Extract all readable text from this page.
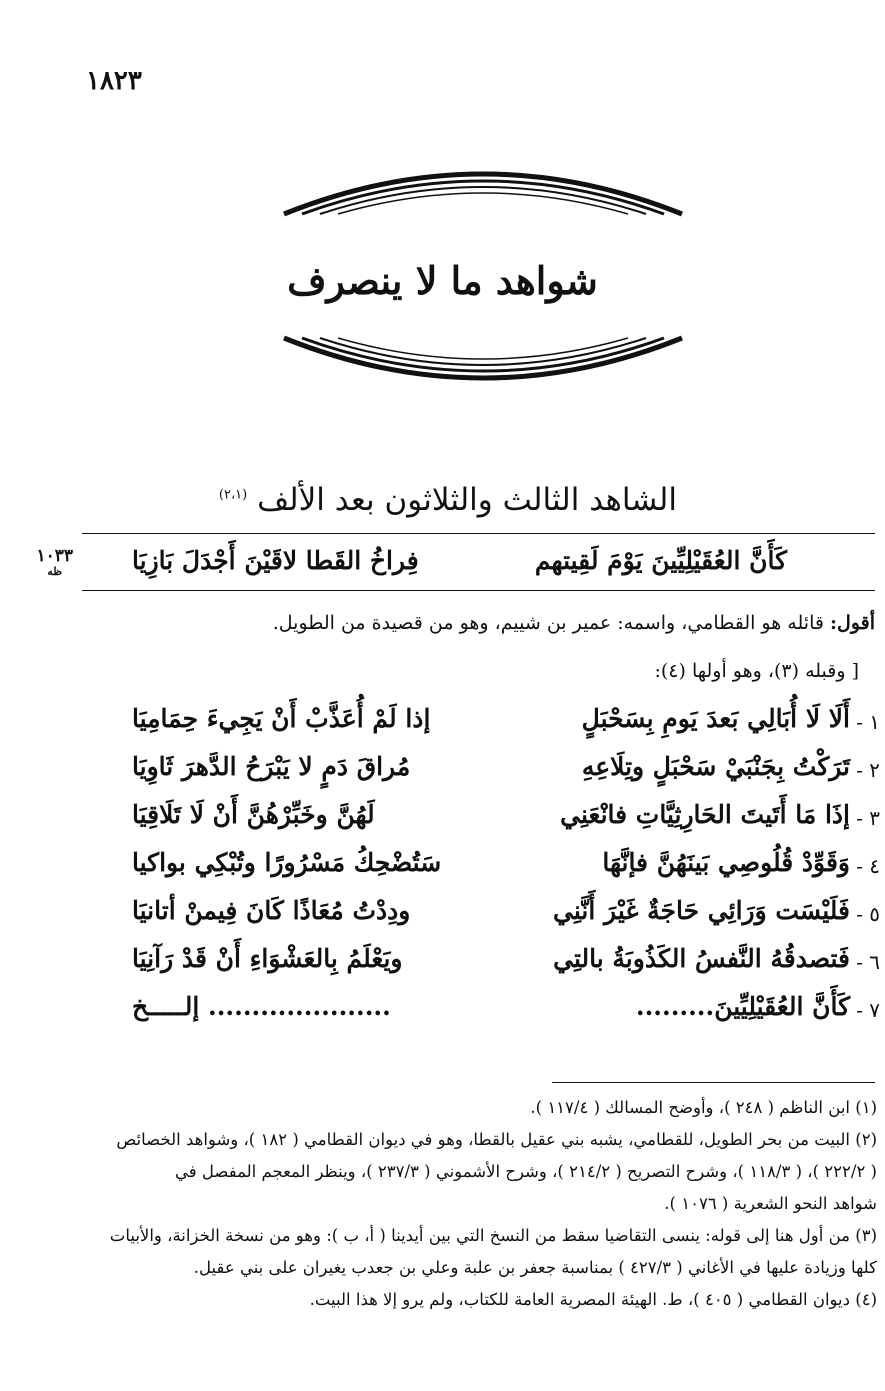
١٨٢٣
شواهد ما لا ينصرف
الشاهد الثالث والثلاثون بعد الألف $^{(٢،١)}$
١٠٣٣
ظه	كَأَنَّ العُقَيْلِيِّينَ يَوْمَ لَقِيتهم
فِراخُ القَطا لاقَيْنَ أَجْدَلَ بَازِيَا
أقول: قائله هو القطامي، واسمه: عمير بن شييم، وهو من قصيدة من الطويل.
[ وقبله (٣)، وهو أولها (٤):
١ -
أَلَا لَا أُبَالِي بَعدَ يَومِ بِسَحْبَلٍ
إذا لَمْ أُعَذَّبْ أَنْ يَجِيءَ حِمَامِيَا
٢ -
تَرَكْتُ بِجَنْبَيْ سَحْبَلٍ وتِلَاعِهِ
مُراقَ دَمٍ لا يَبْرَحُ الدَّهرَ ثَاوِيَا
٣ -
إذَا مَا أَتَيتَ الحَارِثِيَّاتِ فانْعَنِي
لَهُنَّ وخَبِّرْهُنَّ أَنْ لَا تَلَاقِيَا
٤ -
وَقَوِّدْ قُلُوصِي بَينَهُنَّ فإنَّهَا
سَتُضْحِكُ مَسْرُورًا وتُبْكِي بواكيا
٥ -
فَلَيْسَت وَرَائِي حَاجَةٌ غَيْرَ أَنَّنِي
ودِدْتُ مُعَاذًا كَانَ فِيمنْ أتانيَا
٦ -
فَتصدقُهُ النَّفسُ الكَذُوبَةُ بالتِي
ويَعْلَمُ بِالعَشْوَاءِ أَنْ قَدْ رَآنِيَا
٧ -
كَأَنَّ العُقَيْلِيِّينَ.........
..................... إلـــــخ
(١) ابن الناظم ( ٢٤٨ )، وأوضح المسالك ( ١١٧/٤ ).
(٢) البيت من بحر الطويل، للقطامي، يشبه بني عقيل بالقطا، وهو في ديوان القطامي ( ١٨٢ )، وشواهد الخصائص
( ٢٢٢/٢ )، ( ١١٨/٣ )، وشرح التصريح ( ٢١٤/٢ )، وشرح الأشموني ( ٢٣٧/٣ )، وينظر المعجم المفصل في
شواهد النحو الشعرية ( ١٠٧٦ ).
(٣) من أول هنا إلى قوله: ينسى التقاضيا سقط من النسخ التي بين أيدينا ( أ، ب ): وهو من نسخة الخزانة، والأبيات
كلها وزيادة عليها في الأغاني ( ٤٢٧/٣ ) بمناسبة جعفر بن علبة وعلي بن جعدب يغيران على بني عقيل.
(٤) ديوان القطامي ( ٤٠٥ )، ط. الهيئة المصرية العامة للكتاب، ولم يرو إلا هذا البيت.
